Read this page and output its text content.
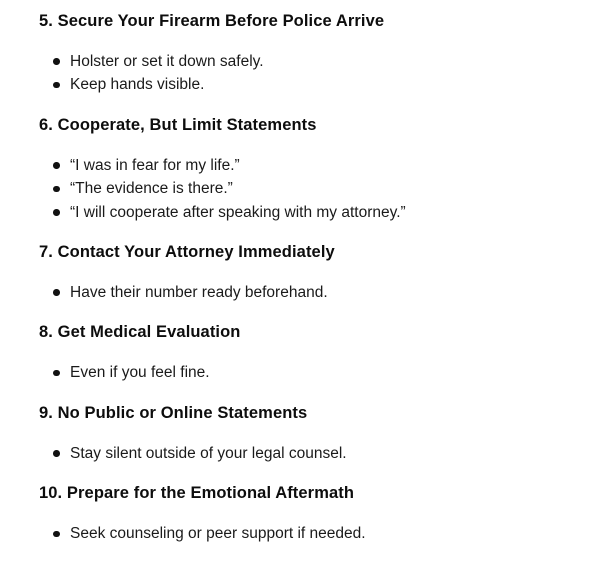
5. Secure Your Firearm Before Police Arrive
Holster or set it down safely.
Keep hands visible.
6. Cooperate, But Limit Statements
“I was in fear for my life.”
“The evidence is there.”
“I will cooperate after speaking with my attorney.”
7. Contact Your Attorney Immediately
Have their number ready beforehand.
8. Get Medical Evaluation
Even if you feel fine.
9. No Public or Online Statements
Stay silent outside of your legal counsel.
10. Prepare for the Emotional Aftermath
Seek counseling or peer support if needed.
